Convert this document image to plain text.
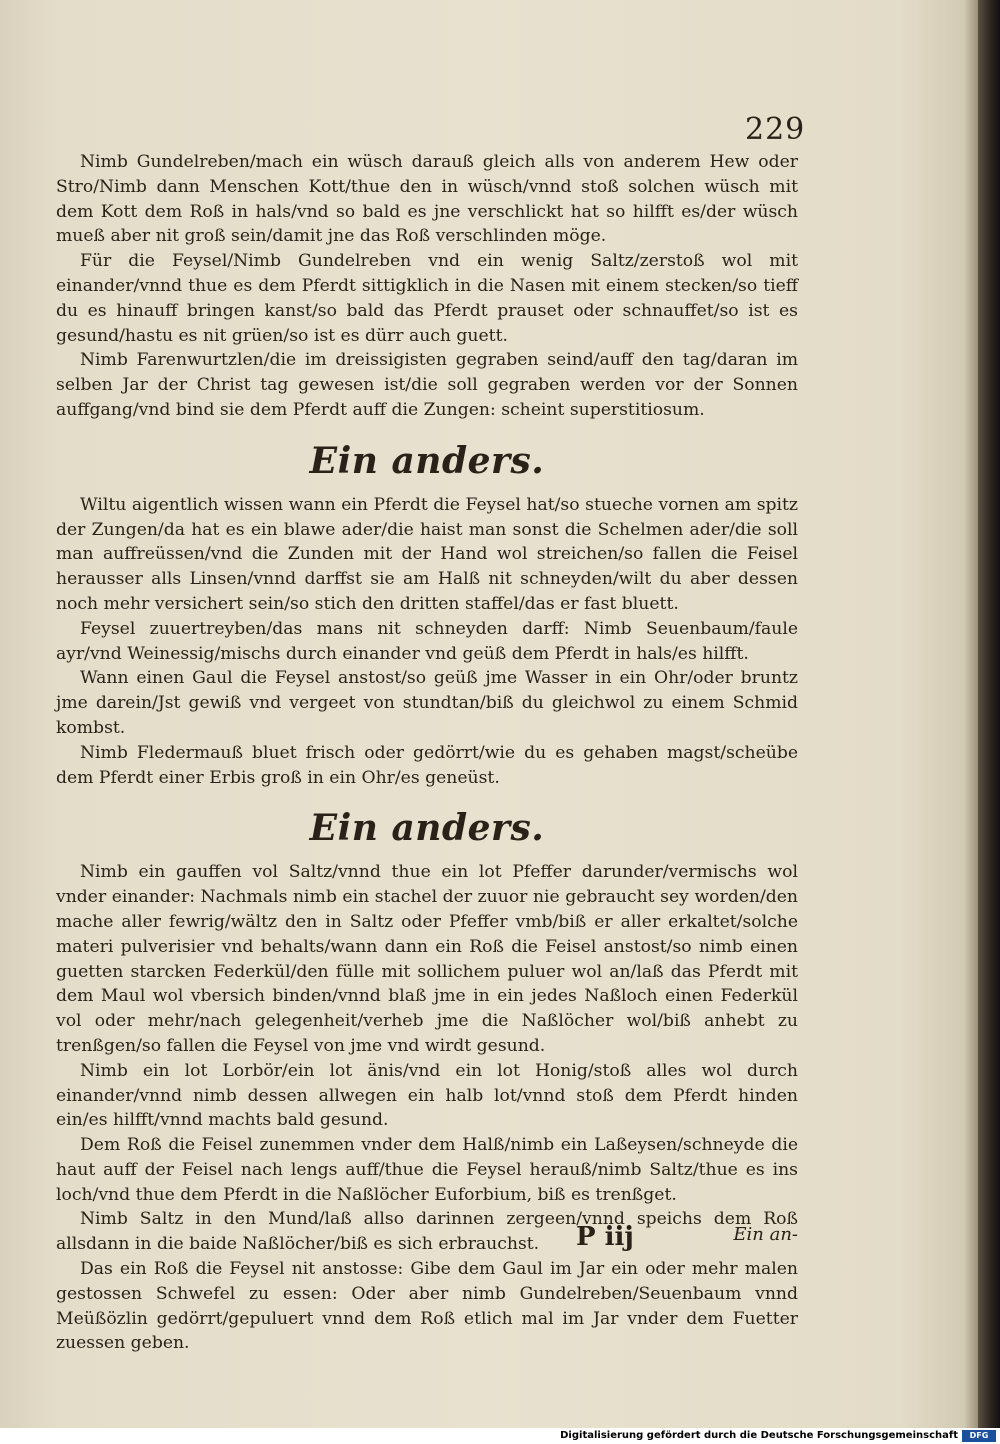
229

Nimb Gundelreben/mach ein wüsch darauß gleich alls von anderem Hew oder Stro/Nimb dann Menschen Kott/thue den in wüsch/vnnd stoß solchen wüsch mit dem Kott dem Roß in hals/vnd so bald es jne verschlickt hat so hilfft es/der wüsch mueß aber nit groß sein/damit jne das Roß verschlinden möge.

Für die Feysel/Nimb Gundelreben vnd ein wenig Saltz/zerstoß wol mit einander/vnnd thue es dem Pferdt sittigklich in die Nasen mit einem stecken/so tieff du es hinauff bringen kanst/so bald das Pferdt prauset oder schnauffet/so ist es gesund/hastu es nit grüen/so ist es dürr auch guett.

Nimb Farenwurtzlen/die im dreissigisten gegraben seind/auff den tag/daran im selben Jar der Christ tag gewesen ist/die soll gegraben werden vor der Sonnen auffgang/vnd bind sie dem Pferdt auff die Zungen: scheint superstitiosum.

Ein anders.

Wiltu aigentlich wissen wann ein Pferdt die Feysel hat/so stueche vornen am spitz der Zungen/da hat es ein blawe ader/die haist man sonst die Schelmen ader/die soll man auffreüssen/vnd die Zunden mit der Hand wol streichen/so fallen die Feisel herausser alls Linsen/vnnd darffst sie am Halß nit schneyden/wilt du aber dessen noch mehr versichert sein/so stich den dritten staffel/das er fast bluett.

Feysel zuuertreyben/das mans nit schneyden darff: Nimb Seuenbaum/faule ayr/vnd Weinessig/mischs durch einander vnd geüß dem Pferdt in hals/es hilfft.

Wann einen Gaul die Feysel anstost/so geüß jme Wasser in ein Ohr/oder bruntz jme darein/Jst gewiß vnd vergeet von stundtan/biß du gleichwol zu einem Schmid kombst.

Nimb Fledermauß bluet frisch oder gedörrt/wie du es gehaben magst/scheübe dem Pferdt einer Erbis groß in ein Ohr/es geneüst.

Ein anders.

Nimb ein gauffen vol Saltz/vnnd thue ein lot Pfeffer darunder/vermischs wol vnder einander: Nachmals nimb ein stachel der zuuor nie gebraucht sey worden/den mache aller fewrig/wältz den in Saltz oder Pfeffer vmb/biß er aller erkaltet/solche materi pulverisier vnd behalts/wann dann ein Roß die Feisel anstost/so nimb einen guetten starcken Federkül/den fülle mit sollichem puluer wol an/laß das Pferdt mit dem Maul wol vbersich binden/vnnd blaß jme in ein jedes Naßloch einen Federkül vol oder mehr/nach gelegenheit/verheb jme die Naßlöcher wol/biß anhebt zu trenßgen/so fallen die Feysel von jme vnd wirdt gesund.

Nimb ein lot Lorbör/ein lot änis/vnd ein lot Honig/stoß alles wol durch einander/vnnd nimb dessen allwegen ein halb lot/vnnd stoß dem Pferdt hinden ein/es hilfft/vnnd machts bald gesund.

Dem Roß die Feisel zunemmen vnder dem Halß/nimb ein Laßeysen/schneyde die haut auff der Feisel nach lengs auff/thue die Feysel herauß/nimb Saltz/thue es ins loch/vnd thue dem Pferdt in die Naßlöcher Euforbium, biß es trenßget.

Nimb Saltz in den Mund/laß allso darinnen zergeen/vnnd speichs dem Roß allsdann in die baide Naßlöcher/biß es sich erbrauchst.

Das ein Roß die Feysel nit anstosse: Gibe dem Gaul im Jar ein oder mehr malen gestossen Schwefel zu essen: Oder aber nimb Gundelreben/Seuenbaum vnnd Meüßözlin gedörrt/gepuluert vnnd dem Roß etlich mal im Jar vnder dem Fuetter zuessen geben.

P iij	Ein an-
Digitalisierung gefördert durch die Deutsche Forschungsgemeinschaft	DFG
